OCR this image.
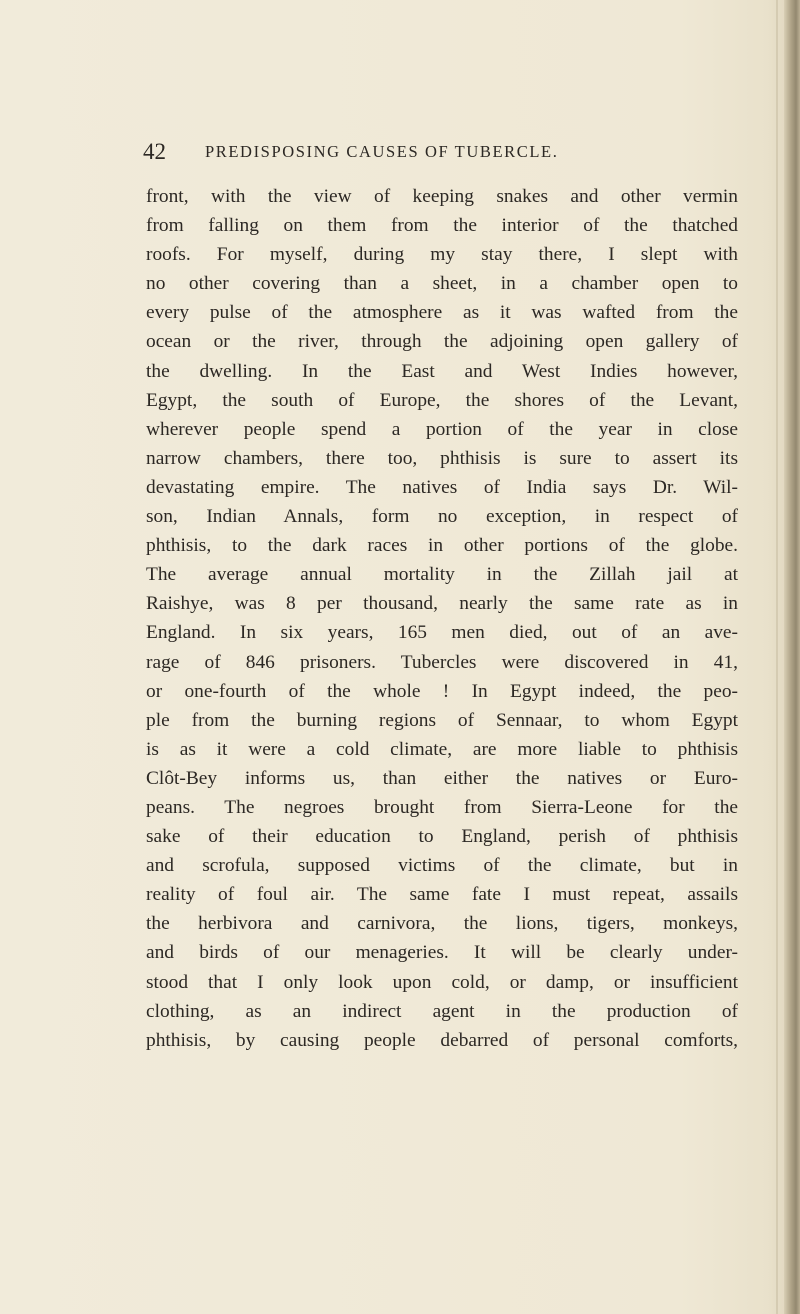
42 PREDISPOSING CAUSES OF TUBERCLE.
front, with the view of keeping snakes and other vermin
from falling on them from the interior of the thatched
roofs. For myself, during my stay there, I slept with
no other covering than a sheet, in a chamber open to
every pulse of the atmosphere as it was wafted from the
ocean or the river, through the adjoining open gallery of
the dwelling. In the East and West Indies however,
Egypt, the south of Europe, the shores of the Levant,
wherever people spend a portion of the year in close
narrow chambers, there too, phthisis is sure to assert its
devastating empire. The natives of India says Dr. Wil-
son, Indian Annals, form no exception, in respect of
phthisis, to the dark races in other portions of the globe.
The average annual mortality in the Zillah jail at
Raishye, was 8 per thousand, nearly the same rate as in
England. In six years, 165 men died, out of an ave-
rage of 846 prisoners. Tubercles were discovered in 41,
or one-fourth of the whole ! In Egypt indeed, the peo-
ple from the burning regions of Sennaar, to whom Egypt
is as it were a cold climate, are more liable to phthisis
Clôt-Bey informs us, than either the natives or Euro-
peans. The negroes brought from Sierra-Leone for the
sake of their education to England, perish of phthisis
and scrofula, supposed victims of the climate, but in
reality of foul air. The same fate I must repeat, assails
the herbivora and carnivora, the lions, tigers, monkeys,
and birds of our menageries. It will be clearly under-
stood that I only look upon cold, or damp, or insufficient
clothing, as an indirect agent in the production of
phthisis, by causing people debarred of personal comforts,
